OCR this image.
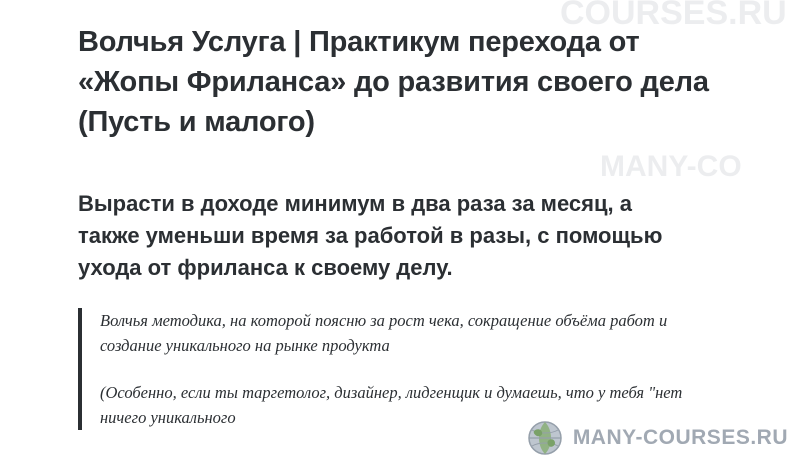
COURSES.RU
MANY-CO
Волчья Услуга | Практикум перехода от «Жопы Фриланса» до развития своего дела (Пусть и малого)

Вырасти в доходе минимум в два раза за месяц, а также уменьши время за работой в разы, с помощью ухода от фриланса к своему делу.

Волчья методика, на которой поясню за рост чека, сокращение объёма работ и создание уникального на рынке продукта

(Особенно, если ты таргетолог, дизайнер, лидгенщик и думаешь, что у тебя "нет ничего уникального

MANY-COURSES.RU
